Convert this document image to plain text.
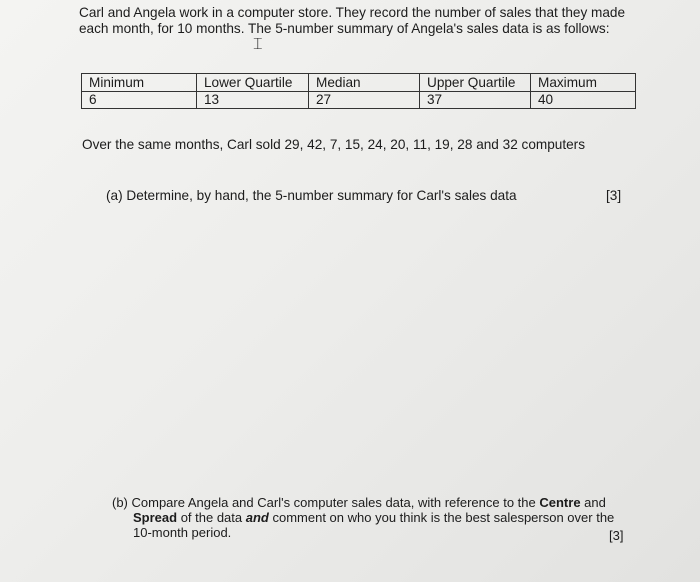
Carl and Angela work in a computer store. They record the number of sales that they made
each month, for 10 months. The 5-number summary of Angela's sales data is as follows:

⌶
Minimum	Lower Quartile	Median	Upper Quartile	Maximum
6	13	27	37	40

Over the same months, Carl sold 29, 42, 7, 15, 24, 20, 11, 19, 28 and 32 computers

(a) Determine, by hand, the 5-number summary for Carl's sales data	[3]

(b) Compare Angela and Carl's computer sales data, with reference to the Centre and
Spread of the data and comment on who you think is the best salesperson over the
10-month period.	[3]
